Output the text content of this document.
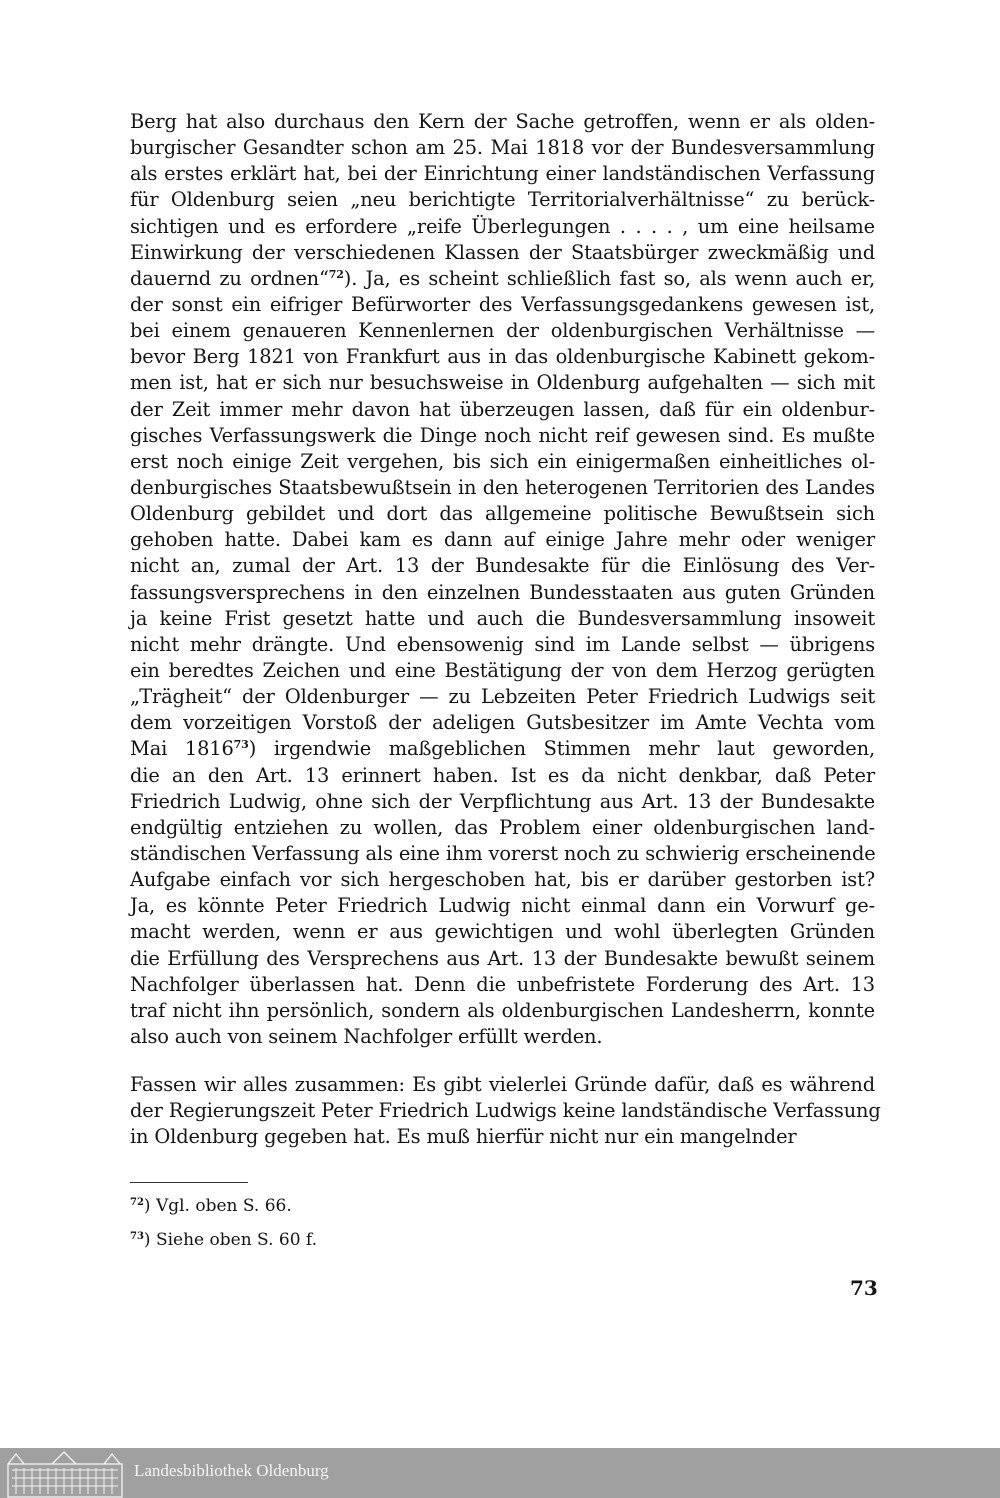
Berg hat also durchaus den Kern der Sache getroffen, wenn er als olden-
burgischer Gesandter schon am 25. Mai 1818 vor der Bundesversammlung
als erstes erklärt hat, bei der Einrichtung einer landständischen Verfassung
für Oldenburg seien „neu berichtigte Territorialverhältnisse“ zu berück-
sichtigen und es erfordere „reife Überlegungen . . . . , um eine heilsame
Einwirkung der verschiedenen Klassen der Staatsbürger zweckmäßig und
dauernd zu ordnen“$^{72}$). Ja, es scheint schließlich fast so, als wenn auch er,
der sonst ein eifriger Befürworter des Verfassungsgedankens gewesen ist,
bei einem genaueren Kennenlernen der oldenburgischen Verhältnisse —
bevor Berg 1821 von Frankfurt aus in das oldenburgische Kabinett gekom-
men ist, hat er sich nur besuchsweise in Oldenburg aufgehalten — sich mit
der Zeit immer mehr davon hat überzeugen lassen, daß für ein oldenbur-
gisches Verfassungswerk die Dinge noch nicht reif gewesen sind. Es mußte
erst noch einige Zeit vergehen, bis sich ein einigermaßen einheitliches ol-
denburgisches Staatsbewußtsein in den heterogenen Territorien des Landes
Oldenburg gebildet und dort das allgemeine politische Bewußtsein sich
gehoben hatte. Dabei kam es dann auf einige Jahre mehr oder weniger
nicht an, zumal der Art. 13 der Bundesakte für die Einlösung des Ver-
fassungsversprechens in den einzelnen Bundesstaaten aus guten Gründen
ja keine Frist gesetzt hatte und auch die Bundesversammlung insoweit
nicht mehr drängte. Und ebensowenig sind im Lande selbst — übrigens
ein beredtes Zeichen und eine Bestätigung der von dem Herzog gerügten
„Trägheit“ der Oldenburger — zu Lebzeiten Peter Friedrich Ludwigs seit
dem vorzeitigen Vorstoß der adeligen Gutsbesitzer im Amte Vechta vom
Mai 1816$^{73}$) irgendwie maßgeblichen Stimmen mehr laut geworden,
die an den Art. 13 erinnert haben. Ist es da nicht denkbar, daß Peter
Friedrich Ludwig, ohne sich der Verpflichtung aus Art. 13 der Bundesakte
endgültig entziehen zu wollen, das Problem einer oldenburgischen land-
ständischen Verfassung als eine ihm vorerst noch zu schwierig erscheinende
Aufgabe einfach vor sich hergeschoben hat, bis er darüber gestorben ist?
Ja, es könnte Peter Friedrich Ludwig nicht einmal dann ein Vorwurf ge-
macht werden, wenn er aus gewichtigen und wohl überlegten Gründen
die Erfüllung des Versprechens aus Art. 13 der Bundesakte bewußt seinem
Nachfolger überlassen hat. Denn die unbefristete Forderung des Art. 13
traf nicht ihn persönlich, sondern als oldenburgischen Landesherrn, konnte
also auch von seinem Nachfolger erfüllt werden.
Fassen wir alles zusammen: Es gibt vielerlei Gründe dafür, daß es während
der Regierungszeit Peter Friedrich Ludwigs keine landständische Verfassung
in Oldenburg gegeben hat. Es muß hierfür nicht nur ein mangelnder
$^{72}$) Vgl. oben S. 66.
$^{73}$) Siehe oben S. 60 f.
73
Landesbibliothek Oldenburg
